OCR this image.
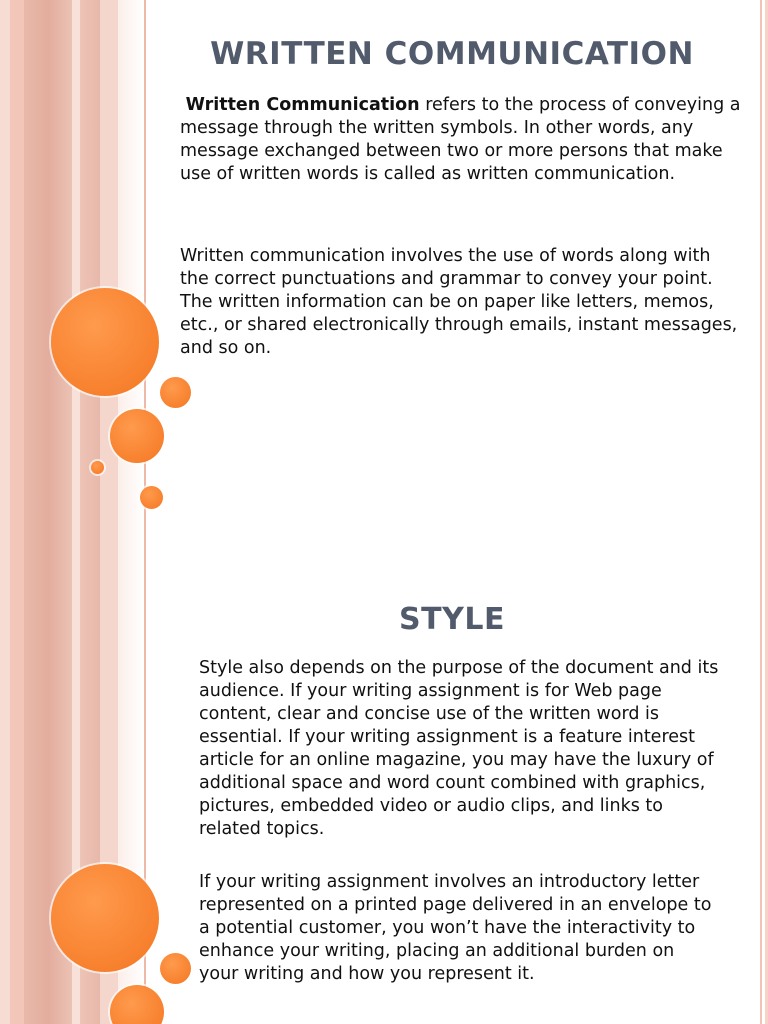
WRITTEN COMMUNICATION

Written Communication refers to the process of conveying a message through the written symbols. In other words, any message exchanged between two or more persons that make use of written words is called as written communication.

Written communication involves the use of words along with the correct punctuations and grammar to convey your point. The written information can be on paper like letters, memos, etc., or shared electronically through emails, instant messages, and so on.

STYLE

Style also depends on the purpose of the document and its audience. If your writing assignment is for Web page content, clear and concise use of the written word is essential. If your writing assignment is a feature interest article for an online magazine, you may have the luxury of additional space and word count combined with graphics, pictures, embedded video or audio clips, and links to related topics.

If your writing assignment involves an introductory letter represented on a printed page delivered in an envelope to a potential customer, you won’t have the interactivity to enhance your writing, placing an additional burden on your writing and how you represent it.
